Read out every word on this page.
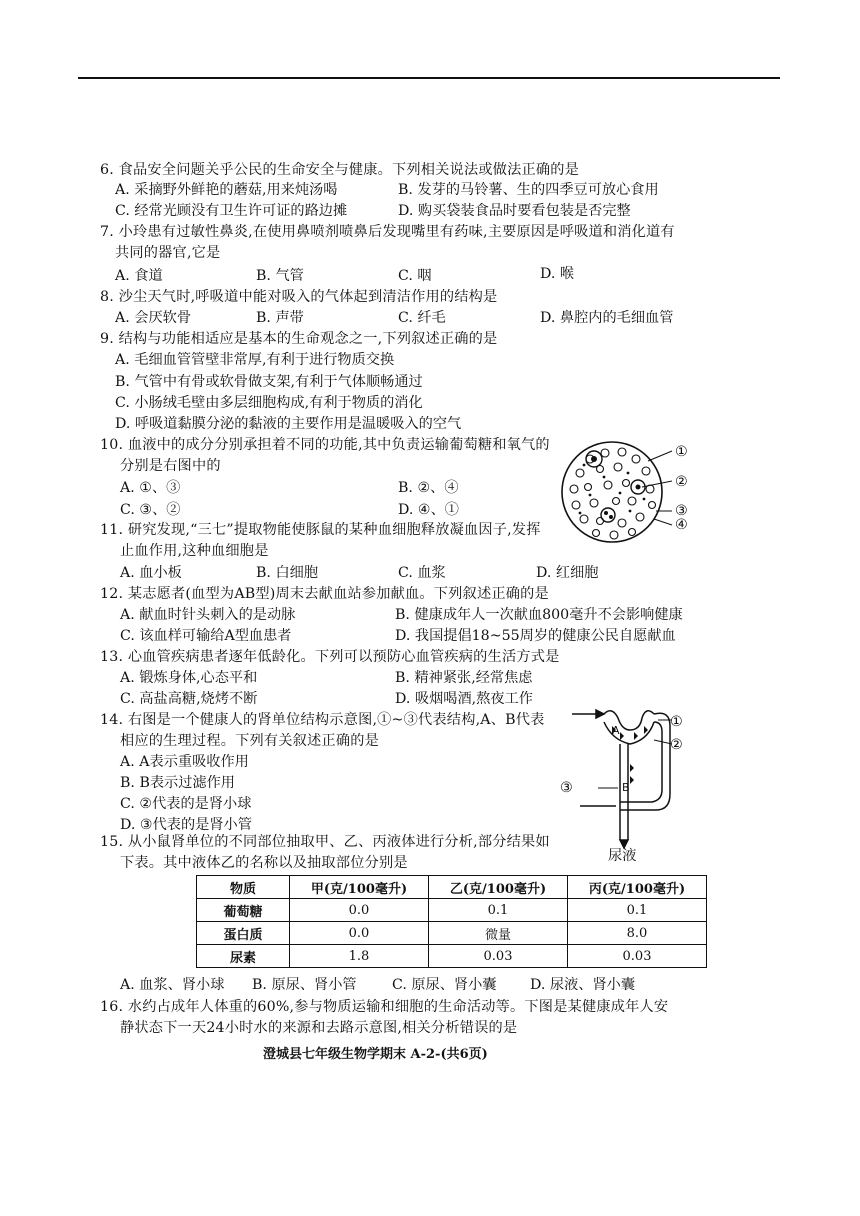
6. 食品安全问题关乎公民的生命安全与健康。下列相关说法或做法正确的是
A. 采摘野外鲜艳的蘑菇,用来炖汤喝	B. 发芽的马铃薯、生的四季豆可放心食用
C. 经常光顾没有卫生许可证的路边摊	D. 购买袋装食品时要看包装是否完整
7. 小玲患有过敏性鼻炎,在使用鼻喷剂喷鼻后发现嘴里有药味,主要原因是呼吸道和消化道有
共同的器官,它是
A. 食道	B. 气管	C. 咽	D. 喉
8. 沙尘天气时,呼吸道中能对吸入的气体起到清洁作用的结构是
A. 会厌软骨	B. 声带	C. 纤毛	D. 鼻腔内的毛细血管
9. 结构与功能相适应是基本的生命观念之一,下列叙述正确的是
A. 毛细血管管壁非常厚,有利于进行物质交换
B. 气管中有骨或软骨做支架,有利于气体顺畅通过
C. 小肠绒毛壁由多层细胞构成,有利于物质的消化
D. 呼吸道黏膜分泌的黏液的主要作用是温暖吸入的空气
10. 血液中的成分分别承担着不同的功能,其中负责运输葡萄糖和氧气的
分别是右图中的
A. ①、③	B. ②、④
C. ③、②	D. ④、①
①
②
③
④
11. 研究发现,“三七”提取物能使豚鼠的某种血细胞释放凝血因子,发挥
止血作用,这种血细胞是
A. 血小板	B. 白细胞	C. 血浆	D. 红细胞
12. 某志愿者(血型为AB型)周末去献血站参加献血。下列叙述正确的是
A. 献血时针头刺入的是动脉	B. 健康成年人一次献血800毫升不会影响健康
C. 该血样可输给A型血患者	D. 我国提倡18~55周岁的健康公民自愿献血
13. 心血管疾病患者逐年低龄化。下列可以预防心血管疾病的生活方式是
A. 锻炼身体,心态平和	B. 精神紧张,经常焦虑
C. 高盐高糖,烧烤不断	D. 吸烟喝酒,熬夜工作
14. 右图是一个健康人的肾单位结构示意图,①~③代表结构,A、B代表
相应的生理过程。下列有关叙述正确的是
A. A表示重吸收作用
B. B表示过滤作用
C. ②代表的是肾小球
D. ③代表的是肾小管
①
②
③
A
B
尿液
15. 从小鼠肾单位的不同部位抽取甲、乙、丙液体进行分析,部分结果如
下表。其中液体乙的名称以及抽取部位分别是
物质	甲(克/100毫升)	乙(克/100毫升)	丙(克/100毫升)
葡萄糖	0.0	0.1	0.1
蛋白质	0.0	微量	8.0
尿素	1.8	0.03	0.03
A. 血浆、肾小球 B. 原尿、肾小管 C. 原尿、肾小囊 D. 尿液、肾小囊
16. 水约占成年人体重的60%,参与物质运输和细胞的生命活动等。下图是某健康成年人安
静状态下一天24小时水的来源和去路示意图,相关分析错误的是
澄城县七年级生物学期末 A-2-(共6页)
